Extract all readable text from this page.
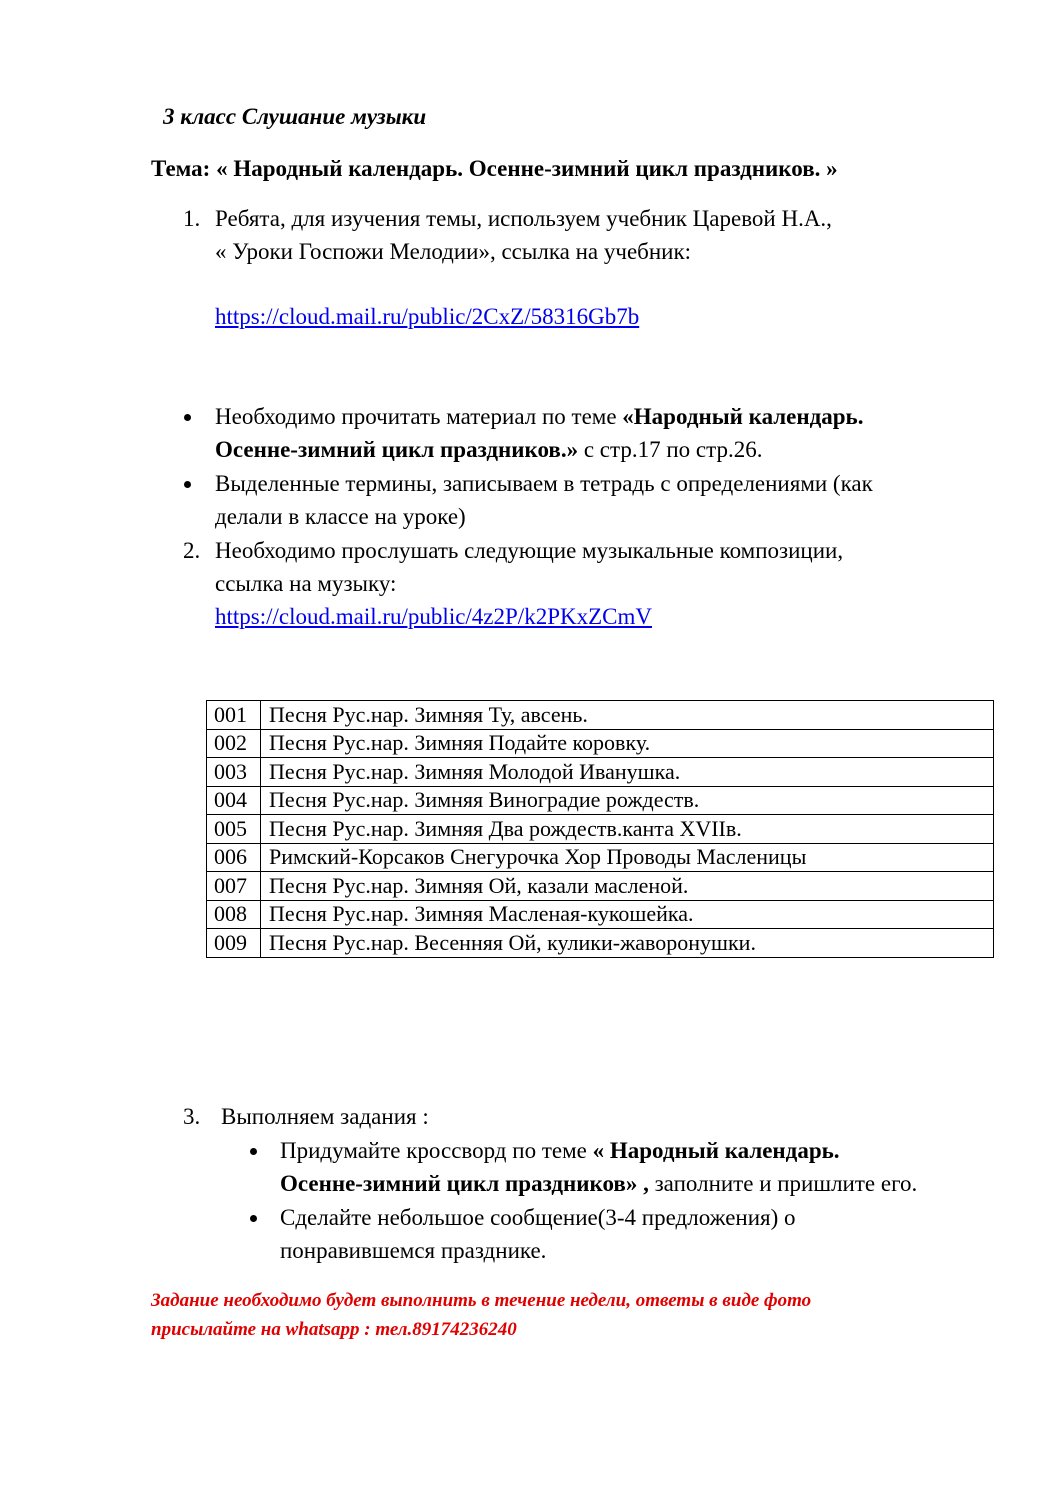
3 класс Слушание музыки
Тема: « Народный календарь. Осенне-зимний цикл праздников. »
1. Ребята, для изучения темы, используем учебник Царевой Н.А.,
« Уроки Госпожи Мелодии», ссылка на учебник:
https://cloud.mail.ru/public/2CxZ/58316Gb7b
Необходимо прочитать материал по теме «Народный календарь.
Осенне-зимний цикл праздников.» с стр.17 по стр.26.
Выделенные термины, записываем в тетрадь с определениями (как
делали в классе на уроке)
2. Необходимо прослушать следующие музыкальные композиции,
ссылка на музыку:
https://cloud.mail.ru/public/4z2P/k2PKxZCmV
001	Песня Рус.нар. Зимняя Ту, авсень.
002	Песня Рус.нар. Зимняя Подайте коровку.
003	Песня Рус.нар. Зимняя Молодой Иванушка.
004	Песня Рус.нар. Зимняя Виноградие рождеств.
005	Песня Рус.нар. Зимняя Два рождеств.канта XVIIв.
006	Римский-Корсаков Снегурочка Хор Проводы Масленицы
007	Песня Рус.нар. Зимняя Ой, казали масленой.
008	Песня Рус.нар. Зимняя Масленая-кукошейка.
009	Песня Рус.нар. Весенняя Ой, кулики-жаворонушки.
3. Выполняем задания :
Придумайте кроссворд по теме « Народный календарь.
Осенне-зимний цикл праздников» , заполните и пришлите его.
Сделайте небольшое сообщение(3-4 предложения) о
понравившемся празднике.
Задание необходимо будет выполнить в течение недели, ответы в виде фото
присылайте на whatsapp : тел.89174236240
